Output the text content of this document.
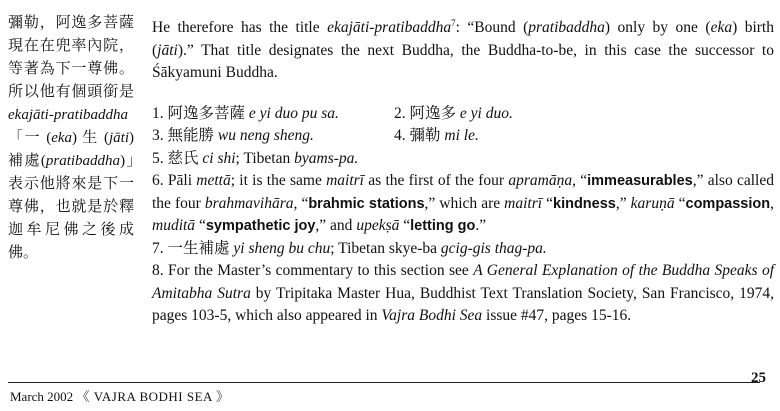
彌勒，阿逸多菩薩現在在兜率內院，等著為下一尊佛。所以他有個頭銜是 ekajāti-pratibaddha「一 (eka) 生 (jāti) 補處(pratibaddha)」表示他將來是下一尊佛，也就是於釋迦牟尼佛之後成佛。

He therefore has the title ekajāti-pratibaddha$^7$: “Bound (pratibaddha) only by one (eka) birth (jāti).” That title designates the next Buddha, the Buddha-to-be, in this case the successor to Śākyamuni Buddha.

1. 阿逸多菩薩 e yi duo pu sa.	2. 阿逸多 e yi duo.

3. 無能勝 wu neng sheng.	4. 彌勒 mi le.

5. 慈氏 ci shi; Tibetan byams-pa.

6. Pāli mettā; it is the same maitrī as the first of the four apramāṇa, “immeasurables,” also called the four brahmavihāra, “brahmic stations,” which are maitrī “kindness,” karuṇā “compassion, muditā “sympathetic joy,” and upekṣā “letting go.”

7. 一生補處 yi sheng bu chu; Tibetan skye-ba gcig-gis thag-pa.

8. For the Master’s commentary to this section see A General Explanation of the Buddha Speaks of Amitabha Sutra by Tripitaka Master Hua, Buddhist Text Translation Society, San Francisco, 1974, pages 103-5, which also appeared in Vajra Bodhi Sea issue #47, pages 15-16.

March 2002 《 VAJRA BODHI SEA 》
25
